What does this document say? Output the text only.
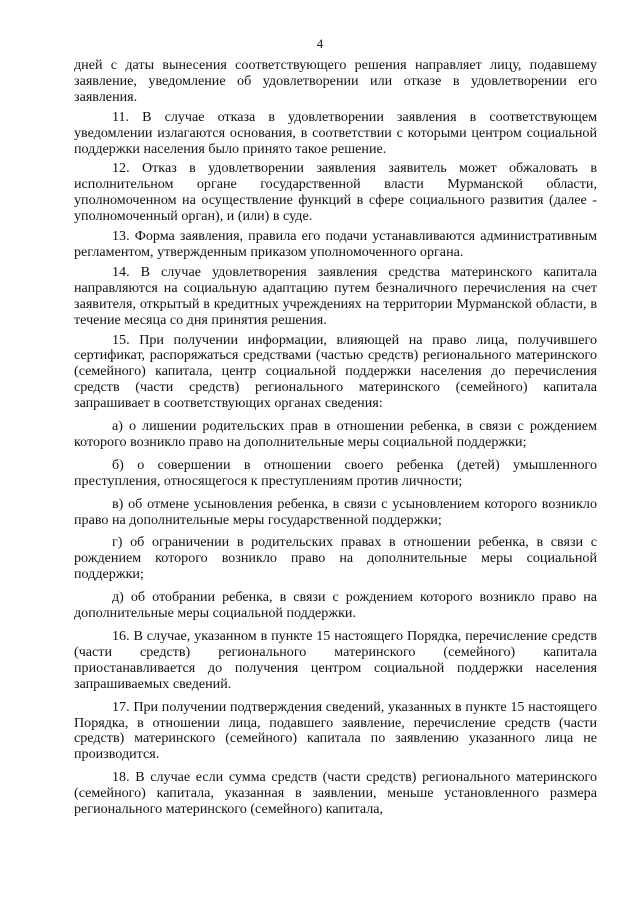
4

дней с даты вынесения соответствующего решения направляет лицу, подавшему заявление, уведомление об удовлетворении или отказе в удовлетворении его заявления.

11. В случае отказа в удовлетворении заявления в соответствующем уведомлении излагаются основания, в соответствии с которыми центром социальной поддержки населения было принято такое решение.

12. Отказ в удовлетворении заявления заявитель может обжаловать в исполнительном органе государственной власти Мурманской области, уполномоченном на осуществление функций в сфере социального развития (далее - уполномоченный орган), и (или) в суде.

13. Форма заявления, правила его подачи устанавливаются административным регламентом, утвержденным приказом уполномоченного органа.

14. В случае удовлетворения заявления средства материнского капитала направляются на социальную адаптацию путем безналичного перечисления на счет заявителя, открытый в кредитных учреждениях на территории Мурманской области, в течение месяца со дня принятия решения.

15. При получении информации, влияющей на право лица, получившего сертификат, распоряжаться средствами (частью средств) регионального материнского (семейного) капитала, центр социальной поддержки населения до перечисления средств (части средств) регионального материнского (семейного) капитала запрашивает в соответствующих органах сведения:

а) о лишении родительских прав в отношении ребенка, в связи с рождением которого возникло право на дополнительные меры социальной поддержки;

б) о совершении в отношении своего ребенка (детей) умышленного преступления, относящегося к преступлениям против личности;

в) об отмене усыновления ребенка, в связи с усыновлением которого возникло право на дополнительные меры государственной поддержки;

г) об ограничении в родительских правах в отношении ребенка, в связи с рождением которого возникло право на дополнительные меры социальной поддержки;

д) об отобрании ребенка, в связи с рождением которого возникло право на дополнительные меры социальной поддержки.

16. В случае, указанном в пункте 15 настоящего Порядка, перечисление средств (части средств) регионального материнского (семейного) капитала приостанавливается до получения центром социальной поддержки населения запрашиваемых сведений.

17. При получении подтверждения сведений, указанных в пункте 15 настоящего Порядка, в отношении лица, подавшего заявление, перечисление средств (части средств) материнского (семейного) капитала по заявлению указанного лица не производится.

18. В случае если сумма средств (части средств) регионального материнского (семейного) капитала, указанная в заявлении, меньше установленного размера регионального материнского (семейного) капитала,
